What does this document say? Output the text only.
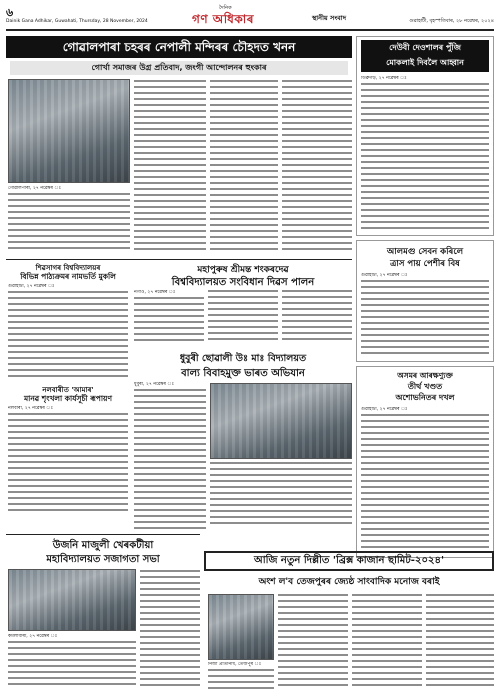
৬
Dainik Gana Adhikar, Guwahati, Thursday, 28 November, 2024
দৈনিক
গণ অধিকাৰ	স্থানীয় সংবাদ	গুৱাহাটী, বৃহস্পতিবাৰ, ২৮ নৱেম্বৰ, ২০২৪
গোৱালপাৰা চহৰৰ নেপালী মন্দিৰৰ চৌহদত খনন
গোৰ্খা সমাজৰ উগ্ৰ প্ৰতিবাদ, জংগী আন্দোলনৰ হুংকাৰ
গোৱালপাৰা, ২৭ নৱেম্বৰ ঃ
শিৱসাগৰ বিশ্ববিদ্যালয়ৰ
বিভিন্ন পাঠ্যক্ৰমৰ নামভৰ্তি মুকলি
গুৱাহাটী, ২৭ নৱেম্বৰ ঃ
নলবাৰীত 'আমাৰ'
মানৱ শৃংখলা কাৰ্যসূচী ৰূপায়ণ
নলবাৰী, ২৭ নৱেম্বৰ ঃ
মহাপুৰুষ শ্ৰীমন্ত শংকৰদেৱ
বিশ্ববিদ্যালয়ত সংবিধান দিৱস পালন
নগাঁও, ২৭ নৱেম্বৰ ঃ
ধুবুৰী ছোৱালী উঃ মাঃ বিদ্যালয়ত
বাল্য বিবাহমুক্ত ভাৰত অভিযান
ধুবুৰী, ২৭ নৱেম্বৰ ঃ
দেউবী দেওশালৰ পুঁজি
মোকলাই দিবলৈ আহ্বান
ডিব্ৰুগড়, ২৭ নৱেম্বৰ ঃ
আলমগু সেবন কৰিলে
ত্ৰাস পায় পেশীৰ বিষ
গুৱাহাটী, ২৭ নৱেম্বৰ ঃ
অসমৰ আৰক্ষণ্যুক্ত
তীৰ্থ খণ্ডত
অশোভনিতৰ দখল
গুৱাহাটী, ২৭ নৱেম্বৰ ঃ
উজনি মাজুলী খেৰকটীয়া
মহাবিদ্যালয়ত সজাগতা সভা
কমলাবাৰী, ২৭ নৱেম্বৰ ঃ
আজি নতুন দিল্লীত 'ব্ৰিক্স কাজান ছামিট-২০২৪'
অংশ ল'ব তেজপুৰৰ জ্যেষ্ঠ সাংবাদিক মনোজ বৰাই
নিজা প্ৰতিনিধি, তেজপুৰ ঃ
